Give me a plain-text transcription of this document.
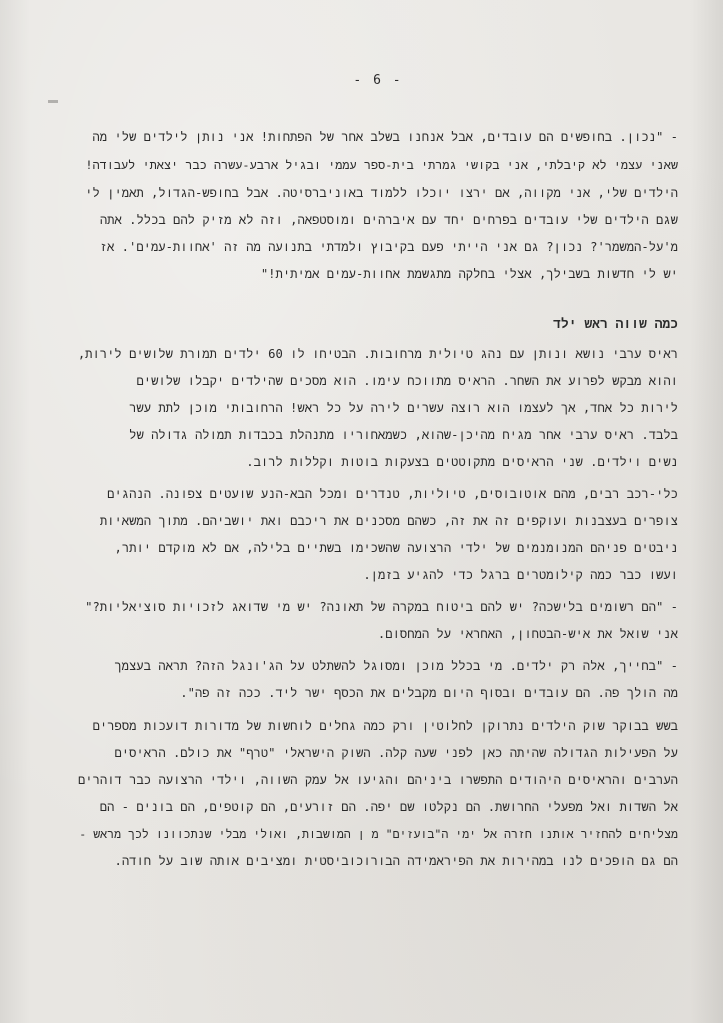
- 6 -
- "נכון. בחופשים הם עובדים, אבל אנחנו בשלב אחר של הפתחות! אני נותן לילדים שלי מה
שאני עצמי לא קיבלתי, אני בקושי גמרתי בית-ספר עממי ובגיל ארבע-עשרה כבר יצאתי לעבודה!
הילדים שלי, אני מקווה, אם ירצו יוכלו ללמוד באוניברסיטה. אבל בחופש-הגדול, תאמין לי
שגם הילדים שלי עובדים בפרחים יחד עם איברהים ומוסטפאה, וזה לא מזיק להם בכלל. אתה
מ'על-המשמר'? נכון? גם אני הייתי פעם בקיבוץ ולמדתי בתנועה מה זה 'אחוות-עמים'. אז
יש לי חדשות בשבילך, אצלי בחלקה מתגשמת אחוות-עמים אמיתית!"
כמה שווה ראש ילד
ראיס ערבי נושא ונותן עם נהג טיולית מרחובות. הבטיחו לו 60 ילדים תמורת שלושים לירות,
והוא מבקש לפרוע את השחר. הראיס מתווכח עימו. הוא מסכים שהילדים יקבלו שלושים
לירות כל אחד, אך לעצמו הוא רוצה עשרים לירה על כל ראש! הרחובותי מוכן לתת עשר
בלבד. ראיס ערבי אחר מגיח מהיכן-שהוא, כשמאחוריו מתנהלת בכבדות תמולה גדולה של
נשים וילדים. שני הראיסים מתקוטטים בצעקות בוטות וקללות לרוב.
כלי-רכב רבים, מהם אוטובוסים, טיוליות, טנדרים ומכל הבא-הנע שועטים צפונה. הנהגים
צופרים בעצבנות ועוקפים זה את זה, כשהם מסכנים את ריכבם ואת יושביהם. מתוך המשאיות
ניבטים פניהם המנומנמים של ילדי הרצועה שהשכימו בשתיים בלילה, אם לא מוקדם יותר,
ועשו כבר כמה קילומטרים ברגל כדי להגיע בזמן.
- "הם רשומים בלישכה? יש להם ביטוח במקרה של תאונה? יש מי שדואג לזכויות סוציאליות?"
אני שואל את איש-הבטחון, האחראי על המחסום.
- "בחייך, אלה רק ילדים. מי בכלל מוכן ומסוגל להשתלט על הג'ונגל הזה? תראה בעצמך
מה הולך פה. הם עובדים ובסוף היום מקבלים את הכסף ישר ליד. ככה זה פה".
בשש בבוקר שוק הילדים נתרוקן לחלוטין ורק כמה גחלים לוחשות של מדורות דועכות מספרים
על הפעילות הגדולה שהיתה כאן לפני שעה קלה. השוק הישראלי "טרף" את כולם. הראיסים
הערבים והראיסים היהודים התפשרו ביניהם והגיעו אל עמק השווה, וילדי הרצועה כבר דוהרים
אל השדות ואל מפעלי החרושת. הם נקלטו שם יפה. הם זורעים, הם קוטפים, הם בונים - הם
מצליחים להחזיר אותנו חזרה אל ימי ה"בועזים" מ ן המושבות, ואולי מבלי שנתכוונו לכך מראש -
הם גם הופכים לנו במהירות את הפיראמידה הבורוכוביסטית ומציבים אותה שוב על חודה.
